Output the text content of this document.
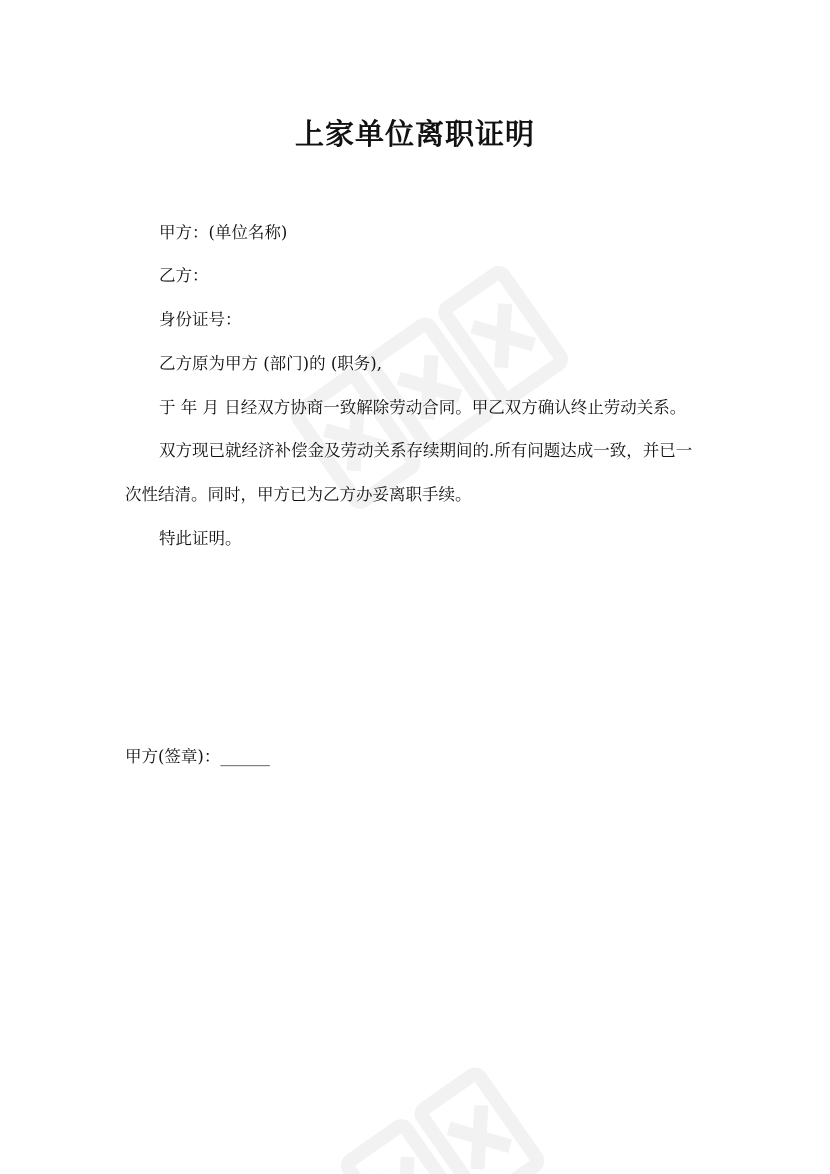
上家单位离职证明

甲方：(单位名称)

乙方：

身份证号：

乙方原为甲方 (部门)的 (职务),

于 年 月 日经双方协商一致解除劳动合同。甲乙双方确认终止劳动关系。

双方现已就经济补偿金及劳动关系存续期间的.所有问题达成一致，并已一

次性结清。同时，甲方已为乙方办妥离职手续。

特此证明。

甲方(签章)：______
